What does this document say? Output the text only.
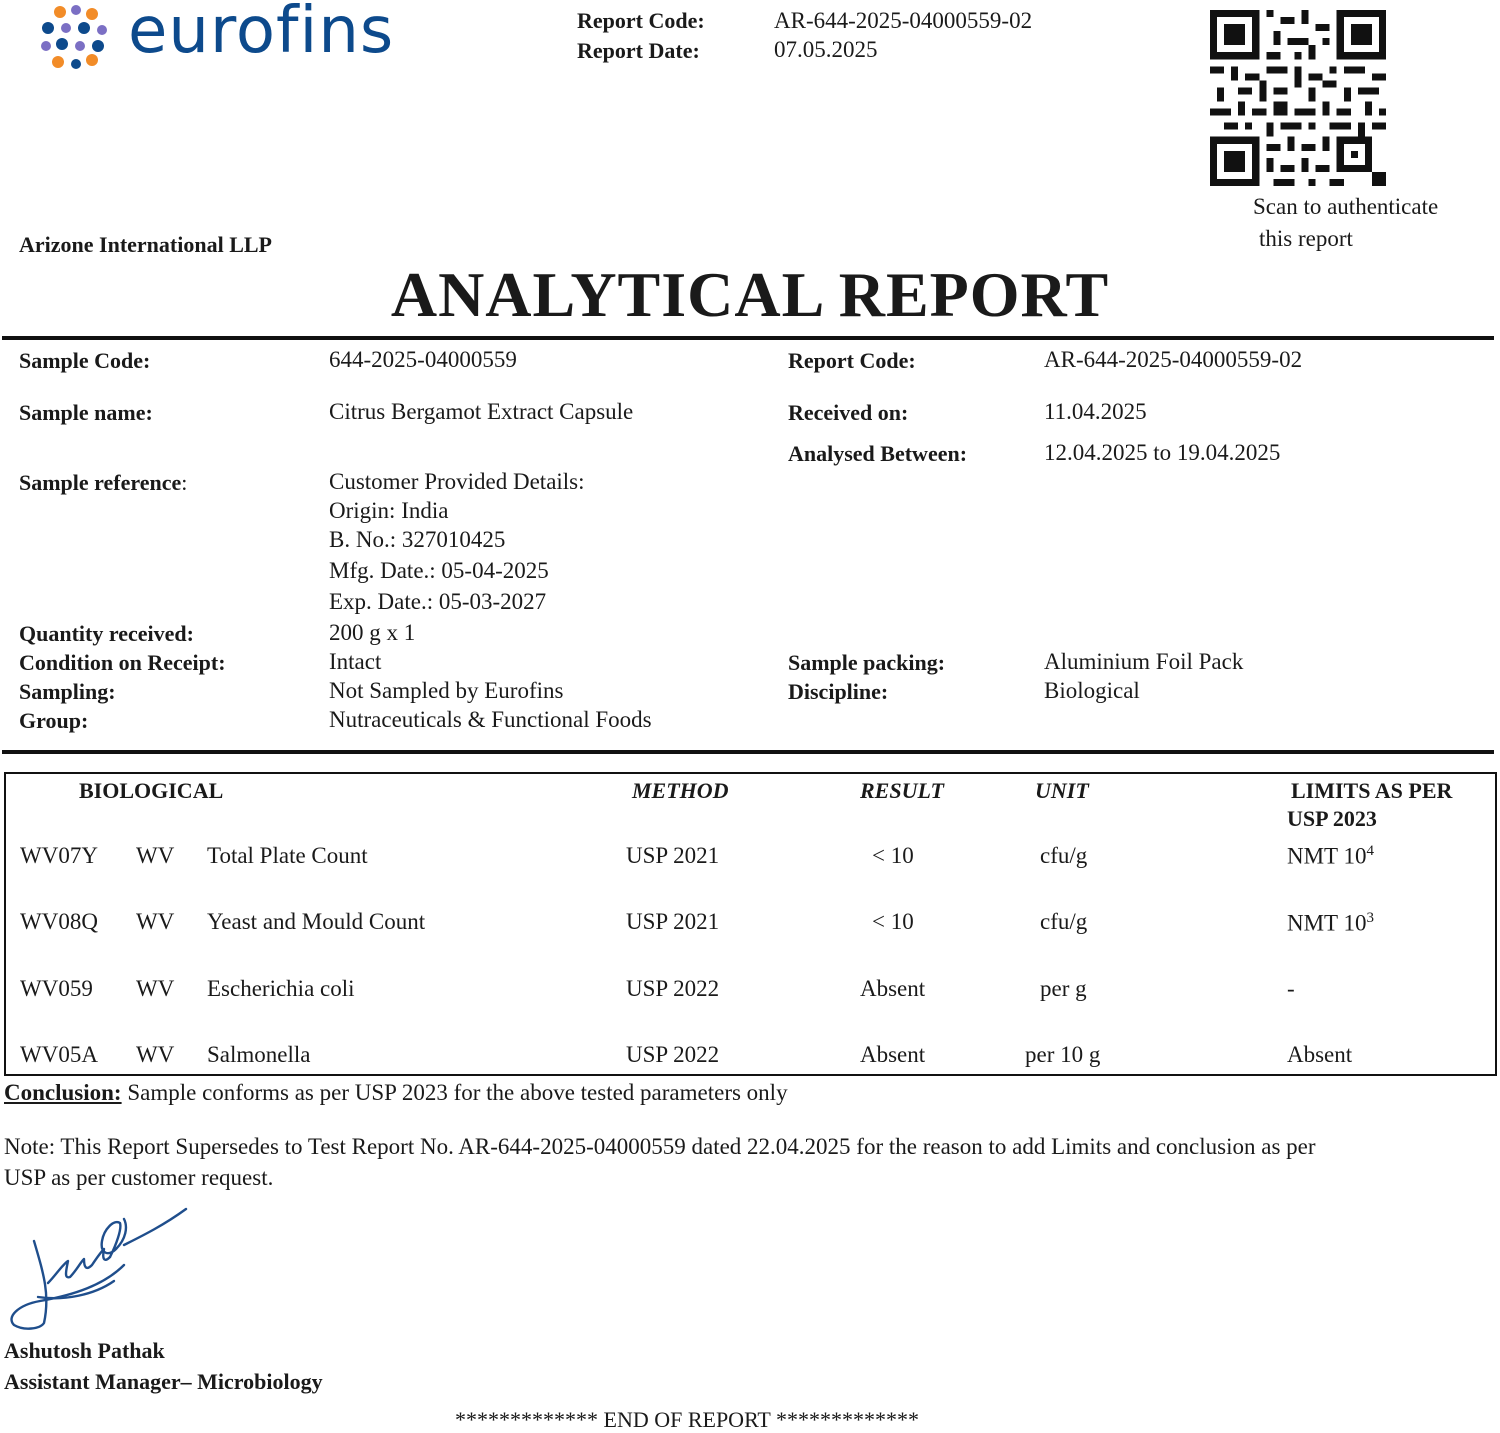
eurofins	Report Code:	AR-644-2025-04000559-02
Report Date:	07.05.2025
Scan to authenticate
this report
Arizone International LLP
ANALYTICAL REPORT
Sample Code:	644-2025-04000559	Report Code:	AR-644-2025-04000559-02
Sample name:	Citrus Bergamot Extract Capsule	Received on:	11.04.2025
Analysed Between:	12.04.2025 to 19.04.2025
Sample reference:	Customer Provided Details:
Origin: India
B. No.: 327010425
Mfg. Date.: 05-04-2025
Exp. Date.: 05-03-2027
Quantity received:	200 g x 1
Condition on Receipt:	Intact	Sample packing:	Aluminium Foil Pack
Sampling:	Not Sampled by Eurofins	Discipline:	Biological
Group:	Nutraceuticals & Functional Foods
BIOLOGICAL	METHOD	RESULT	UNIT	LIMITS AS PER
USP 2023
WV07Y WV Total Plate Count	USP 2021	< 10	cfu/g	NMT $10^4$
WV08Q WV Yeast and Mould Count	USP 2021	< 10	cfu/g	NMT $10^3$
WV059 WV Escherichia coli	USP 2022	Absent	per g	-
WV05A WV Salmonella	USP 2022	Absent	per 10 g	Absent
Conclusion: Sample conforms as per USP 2023 for the above tested parameters only
Note: This Report Supersedes to Test Report No. AR-644-2025-04000559 dated 22.04.2025 for the reason to add Limits and conclusion as per
USP as per customer request.
Ashutosh Pathak
Assistant Manager– Microbiology
************* END OF REPORT *************
